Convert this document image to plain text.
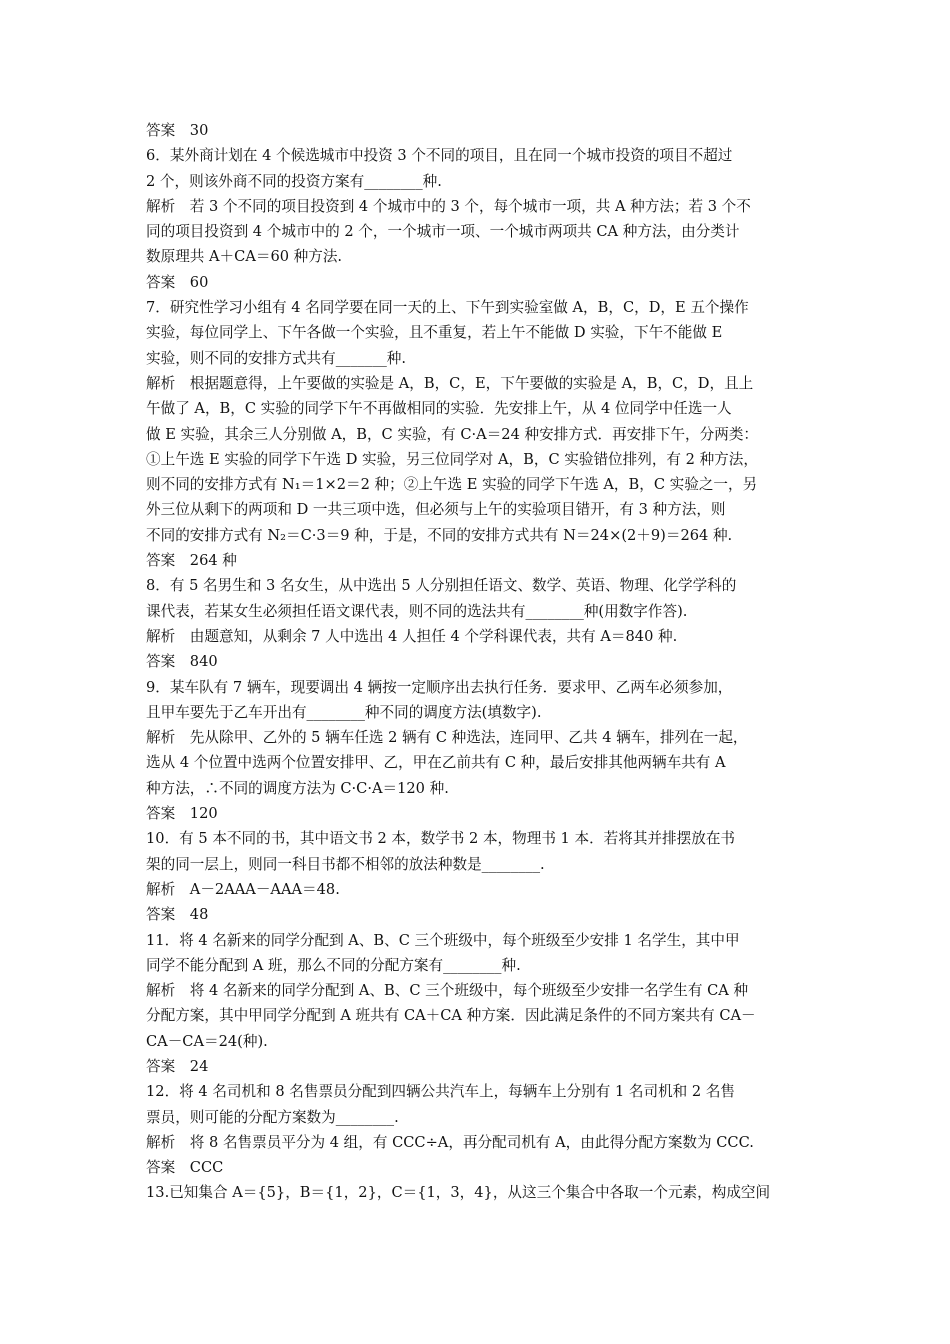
答案　30
6．某外商计划在 4 个候选城市中投资 3 个不同的项目，且在同一个城市投资的项目不超过
2 个，则该外商不同的投资方案有________种.
解析　若 3 个不同的项目投资到 4 个城市中的 3 个，每个城市一项，共 A 种方法；若 3 个不
同的项目投资到 4 个城市中的 2 个，一个城市一项、一个城市两项共 CA 种方法，由分类计
数原理共 A＋CA＝60 种方法.
答案　60
7．研究性学习小组有 4 名同学要在同一天的上、下午到实验室做 A，B，C，D，E 五个操作
实验，每位同学上、下午各做一个实验，且不重复，若上午不能做 D 实验，下午不能做 E
实验，则不同的安排方式共有_______种.
解析　根据题意得，上午要做的实验是 A，B，C，E，下午要做的实验是 A，B，C，D，且上
午做了 A，B，C 实验的同学下午不再做相同的实验．先安排上午，从 4 位同学中任选一人
做 E 实验，其余三人分别做 A，B，C 实验，有 C·A＝24 种安排方式．再安排下午，分两类：
①上午选 E 实验的同学下午选 D 实验，另三位同学对 A，B，C 实验错位排列，有 2 种方法，
则不同的安排方式有 N₁＝1×2＝2 种；②上午选 E 实验的同学下午选 A，B，C 实验之一，另
外三位从剩下的两项和 D 一共三项中选，但必须与上午的实验项目错开，有 3 种方法，则
不同的安排方式有 N₂＝C·3＝9 种，于是，不同的安排方式共有 N＝24×(2＋9)＝264 种.
答案　264 种
8．有 5 名男生和 3 名女生，从中选出 5 人分别担任语文、数学、英语、物理、化学学科的
课代表，若某女生必须担任语文课代表，则不同的选法共有________种(用数字作答).
解析　由题意知，从剩余 7 人中选出 4 人担任 4 个学科课代表，共有 A＝840 种.
答案　840
9．某车队有 7 辆车，现要调出 4 辆按一定顺序出去执行任务．要求甲、乙两车必须参加，
且甲车要先于乙车开出有________种不同的调度方法(填数字).
解析　先从除甲、乙外的 5 辆车任选 2 辆有 C 种选法，连同甲、乙共 4 辆车，排列在一起，
选从 4 个位置中选两个位置安排甲、乙，甲在乙前共有 C 种，最后安排其他两辆车共有 A
种方法，∴不同的调度方法为 C·C·A＝120 种.
答案　120
10．有 5 本不同的书，其中语文书 2 本，数学书 2 本，物理书 1 本．若将其并排摆放在书
架的同一层上，则同一科目书都不相邻的放法种数是________.
解析　A－2AAA－AAA＝48.
答案　48
11．将 4 名新来的同学分配到 A、B、C 三个班级中，每个班级至少安排 1 名学生，其中甲
同学不能分配到 A 班，那么不同的分配方案有________种.
解析　将 4 名新来的同学分配到 A、B、C 三个班级中，每个班级至少安排一名学生有 CA 种
分配方案，其中甲同学分配到 A 班共有 CA＋CA 种方案．因此满足条件的不同方案共有 CA－
CA－CA＝24(种).
答案　24
12．将 4 名司机和 8 名售票员分配到四辆公共汽车上，每辆车上分别有 1 名司机和 2 名售
票员，则可能的分配方案数为________.
解析　将 8 名售票员平分为 4 组，有 CCC÷A，再分配司机有 A，由此得分配方案数为 CCC.
答案　CCC
13.已知集合 A＝{5}，B＝{1，2}，C＝{1，3，4}，从这三个集合中各取一个元素，构成空间
